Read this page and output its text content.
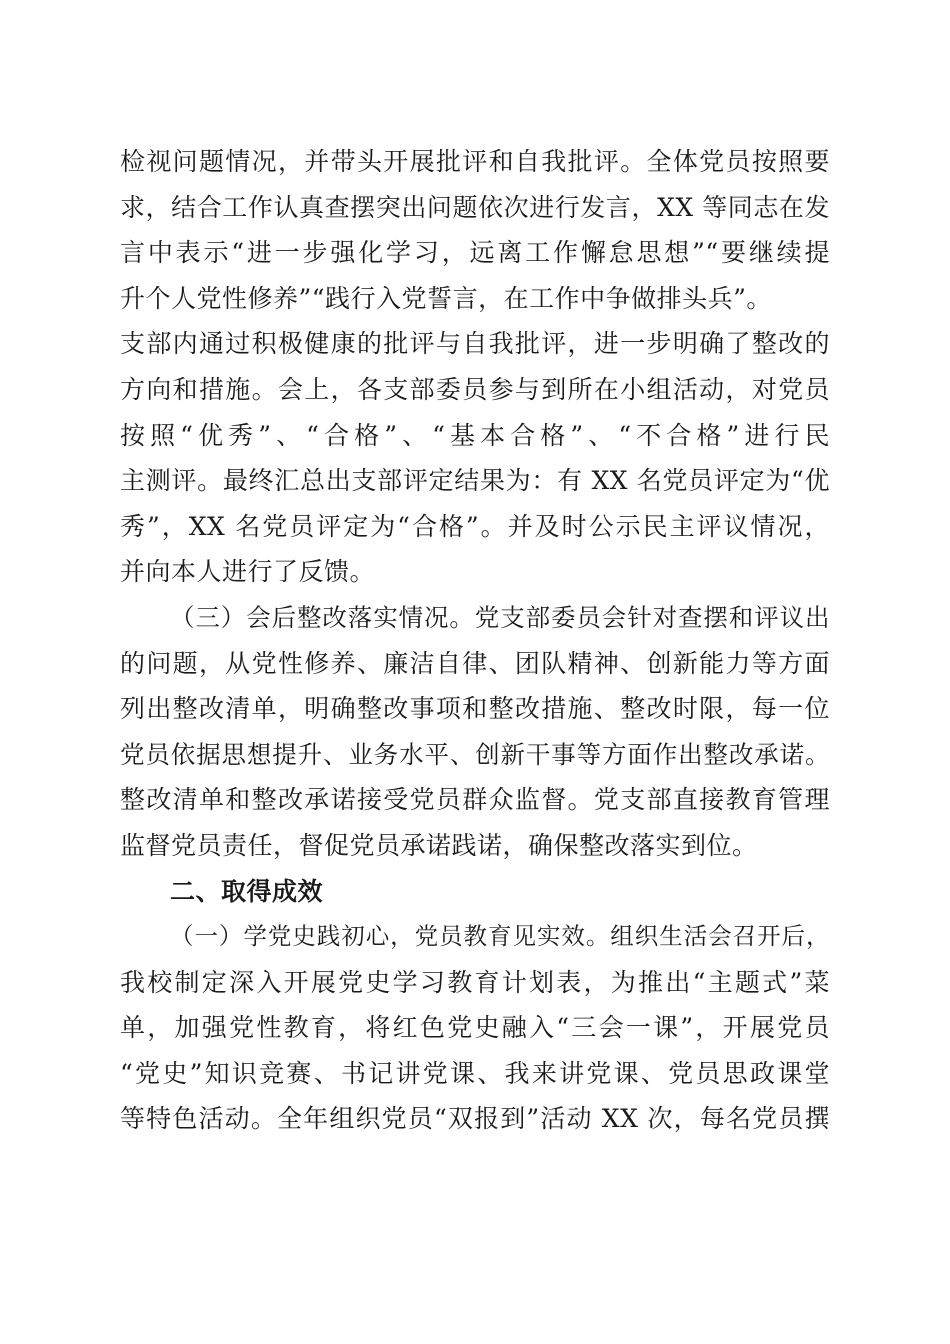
检视问题情况，并带头开展批评和自我批评。全体党员按照要
求，结合工作认真查摆突出问题依次进行发言，XX 等同志在发
言中表示“进一步强化学习，远离工作懈怠思想”“要继续提
升个人党性修养”“践行入党誓言，在工作中争做排头兵”。
支部内通过积极健康的批评与自我批评，进一步明确了整改的
方向和措施。会上，各支部委员参与到所在小组活动，对党员
按照“优秀”、“合格”、“基本合格”、“不合格”进行民
主测评。最终汇总出支部评定结果为：有 XX 名党员评定为“优
秀”，XX 名党员评定为“合格”。并及时公示民主评议情况，
并向本人进行了反馈。
（三）会后整改落实情况。党支部委员会针对查摆和评议出
的问题，从党性修养、廉洁自律、团队精神、创新能力等方面
列出整改清单，明确整改事项和整改措施、整改时限，每一位
党员依据思想提升、业务水平、创新干事等方面作出整改承诺。
整改清单和整改承诺接受党员群众监督。党支部直接教育管理
监督党员责任，督促党员承诺践诺，确保整改落实到位。
二、取得成效
（一）学党史践初心，党员教育见实效。组织生活会召开后，
我校制定深入开展党史学习教育计划表，为推出“主题式”菜
单，加强党性教育，将红色党史融入“三会一课”，开展党员
“党史”知识竞赛、书记讲党课、我来讲党课、党员思政课堂
等特色活动。全年组织党员“双报到”活动 XX 次，每名党员撰
